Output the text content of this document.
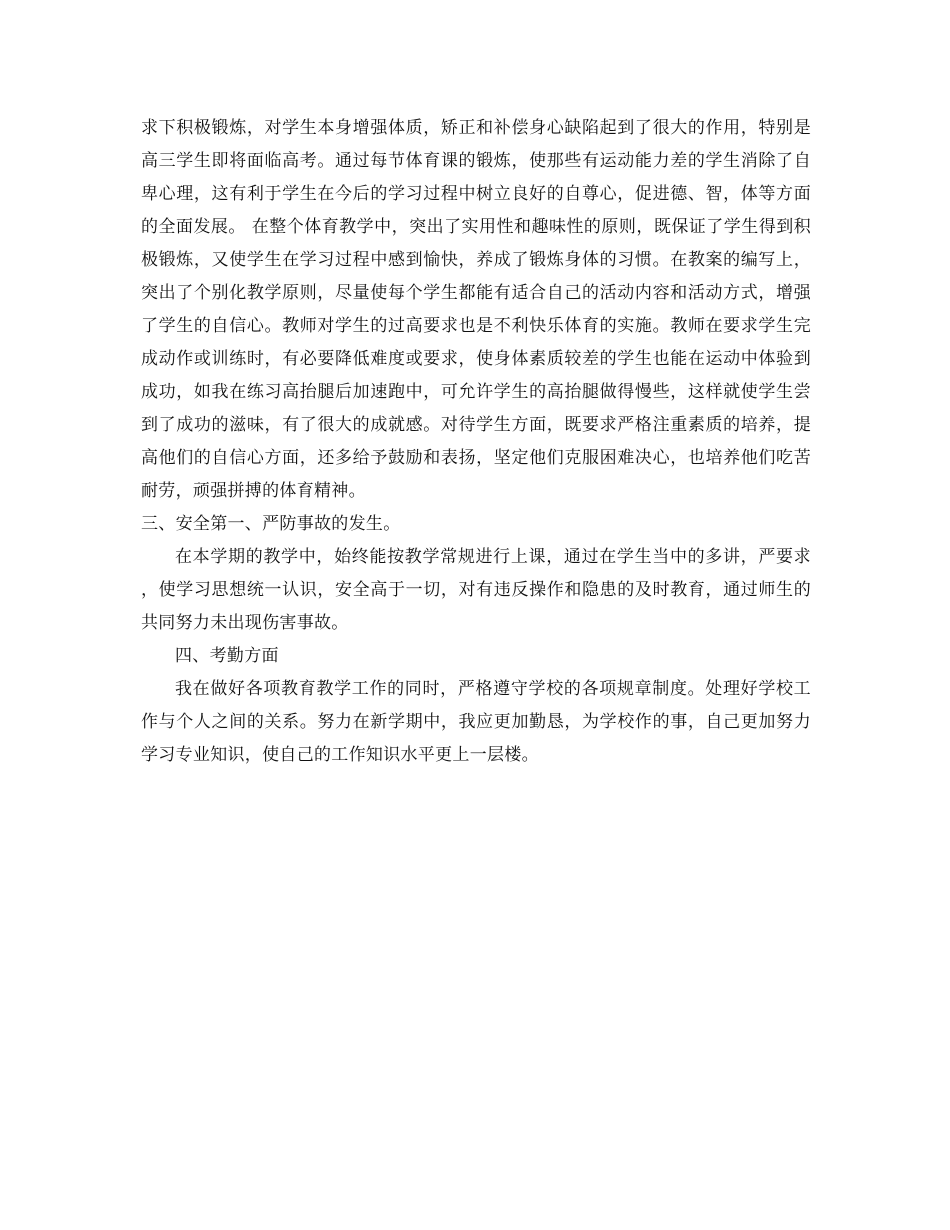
求下积极锻炼，对学生本身增强体质，矫正和补偿身心缺陷起到了很大的作用，特别是高三学生即将面临高考。通过每节体育课的锻炼，使那些有运动能力差的学生消除了自卑心理，这有利于学生在今后的学习过程中树立良好的自尊心，促进德、智，体等方面的全面发展。 在整个体育教学中，突出了实用性和趣味性的原则，既保证了学生得到积极锻炼，又使学生在学习过程中感到愉快，养成了锻炼身体的习惯。在教案的编写上，突出了个别化教学原则，尽量使每个学生都能有适合自己的活动内容和活动方式，增强了学生的自信心。教师对学生的过高要求也是不利快乐体育的实施。教师在要求学生完成动作或训练时，有必要降低难度或要求，使身体素质较差的学生也能在运动中体验到成功，如我在练习高抬腿后加速跑中，可允许学生的高抬腿做得慢些，这样就使学生尝到了成功的滋味，有了很大的成就感。对待学生方面，既要求严格注重素质的培养，提高他们的自信心方面，还多给予鼓励和表扬，坚定他们克服困难决心，也培养他们吃苦耐劳，顽强拼搏的体育精神。

三、安全第一、严防事故的发生。

在本学期的教学中，始终能按教学常规进行上课，通过在学生当中的多讲，严要求，使学习思想统一认识，安全高于一切，对有违反操作和隐患的及时教育，通过师生的共同努力未出现伤害事故。

四、考勤方面

我在做好各项教育教学工作的同时，严格遵守学校的各项规章制度。处理好学校工作与个人之间的关系。努力在新学期中，我应更加勤恳，为学校作的事，自己更加努力学习专业知识，使自己的工作知识水平更上一层楼。
